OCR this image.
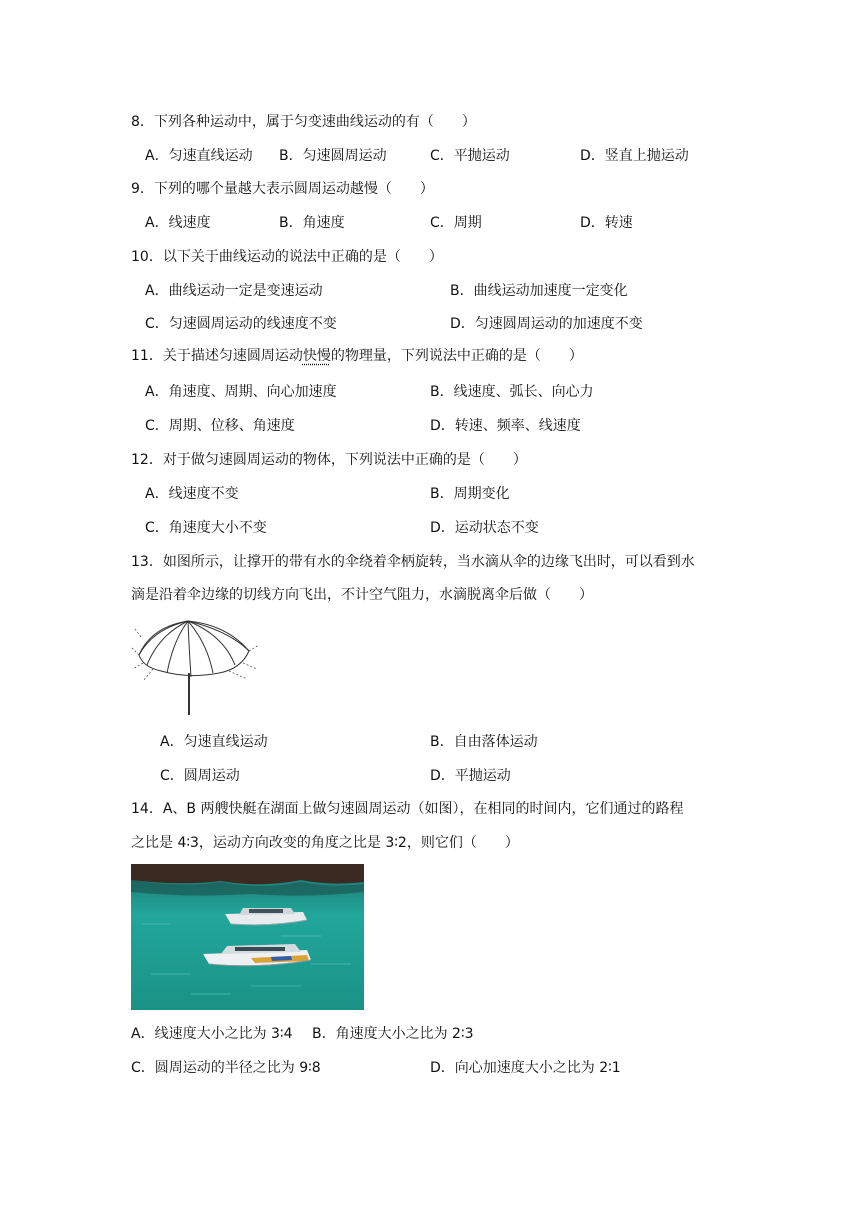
8．下列各种运动中，属于匀变速曲线运动的有（　　）
A．匀速直线运动 B．匀速圆周运动	C．平抛运动	D．竖直上抛运动
9．下列的哪个量越大表示圆周运动越慢（　　）
A．线速度	B．角速度	C．周期	D．转速
10．以下关于曲线运动的说法中正确的是（　　）
A．曲线运动一定是变速运动	B．曲线运动加速度一定变化
C．匀速圆周运动的线速度不变	D．匀速圆周运动的加速度不变
11．关于描述匀速圆周运动快慢的物理量，下列说法中正确的是（　　）
A．角速度、周期、向心加速度	B．线速度、弧长、向心力
C．周期、位移、角速度	D．转速、频率、线速度
12．对于做匀速圆周运动的物体，下列说法中正确的是（　　）
A．线速度不变	B．周期变化
C．角速度大小不变	D．运动状态不变
13．如图所示，让撑开的带有水的伞绕着伞柄旋转，当水滴从伞的边缘飞出时，可以看到水
滴是沿着伞边缘的切线方向飞出，不计空气阻力，水滴脱离伞后做（　　）
A．匀速直线运动	B．自由落体运动
C．圆周运动	D．平抛运动
14．A、B 两艘快艇在湖面上做匀速圆周运动（如图），在相同的时间内，它们通过的路程
之比是 4∶3，运动方向改变的角度之比是 3∶2，则它们（　　）
A．线速度大小之比为 3∶4 B．角速度大小之比为 2∶3
C．圆周运动的半径之比为 9∶8	D．向心加速度大小之比为 2∶1
